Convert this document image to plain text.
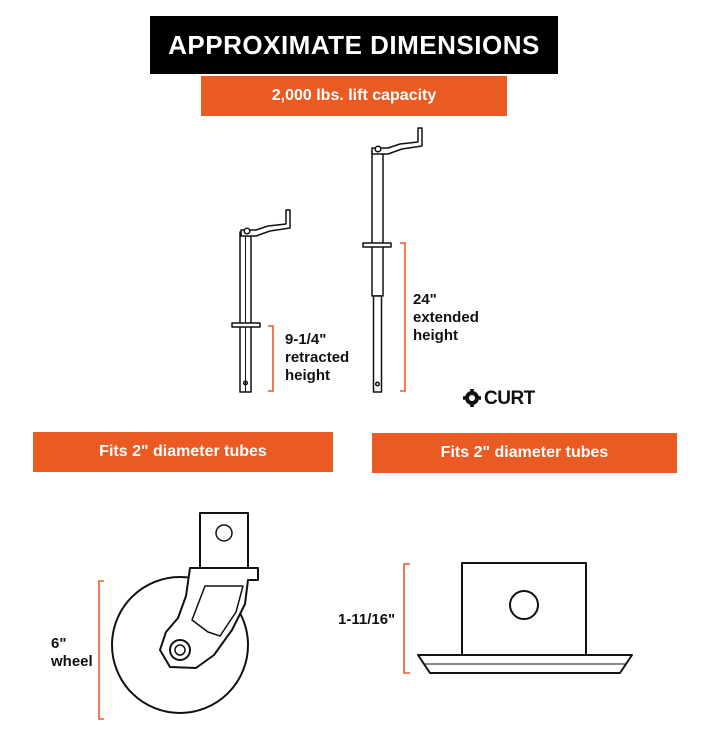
APPROXIMATE DIMENSIONS
2,000 lbs. lift capacity
9-1/4"
retracted
height
24"
extended
height
CURT
Fits 2" diameter tubes	Fits 2" diameter tubes
6"
wheel
1-11/16"
